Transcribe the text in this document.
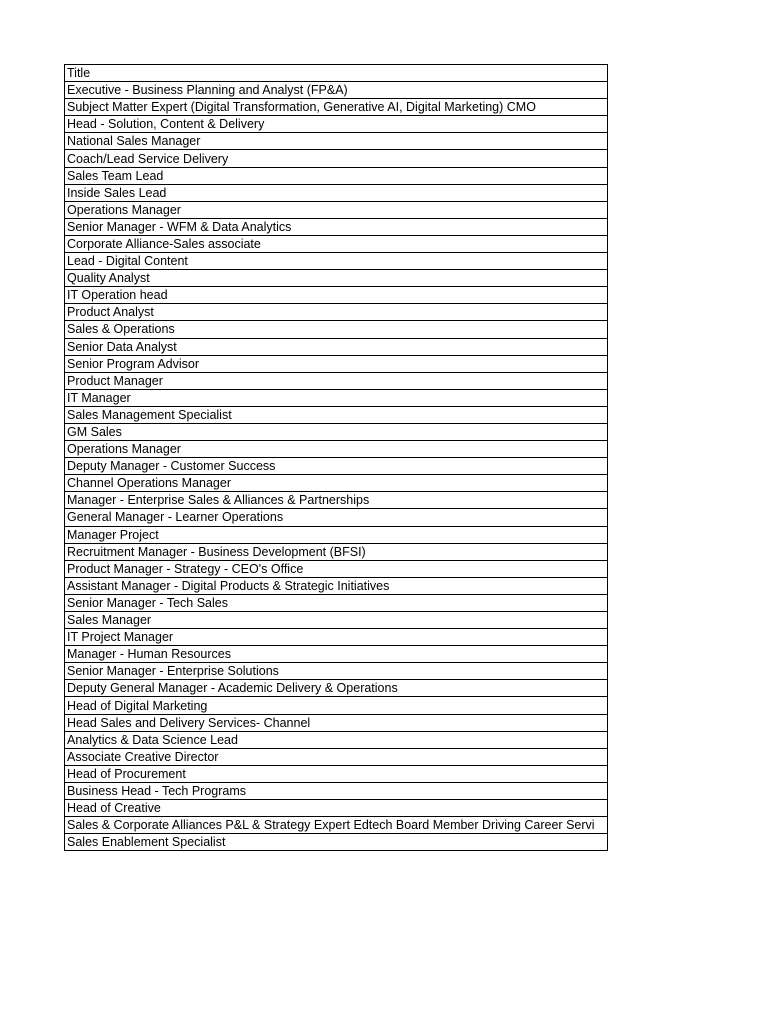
Title
Executive - Business Planning and Analyst (FP&A)
Subject Matter Expert (Digital Transformation, Generative AI, Digital Marketing) CMO
Head - Solution, Content & Delivery
National Sales Manager
Coach/Lead Service Delivery
Sales Team Lead
Inside Sales Lead
Operations Manager
Senior Manager - WFM & Data Analytics
Corporate Alliance-Sales associate
Lead - Digital Content
Quality Analyst
IT Operation head
Product Analyst
Sales & Operations
Senior Data Analyst
Senior Program Advisor
Product Manager
IT Manager
Sales Management Specialist
GM Sales
Operations Manager
Deputy Manager - Customer Success
Channel Operations Manager
Manager - Enterprise Sales & Alliances & Partnerships
General Manager - Learner Operations
Manager Project
Recruitment Manager - Business Development (BFSI)
Product Manager - Strategy - CEO's Office
Assistant Manager - Digital Products & Strategic Initiatives
Senior Manager - Tech Sales
Sales Manager
IT Project Manager
Manager - Human Resources
Senior Manager - Enterprise Solutions
Deputy General Manager - Academic Delivery & Operations
Head of Digital Marketing
Head Sales and Delivery Services- Channel
Analytics & Data Science Lead
Associate Creative Director
Head of Procurement
Business Head - Tech Programs
Head of Creative
Sales & Corporate Alliances P&L & Strategy Expert Edtech Board Member Driving Career Servi
Sales Enablement Specialist
